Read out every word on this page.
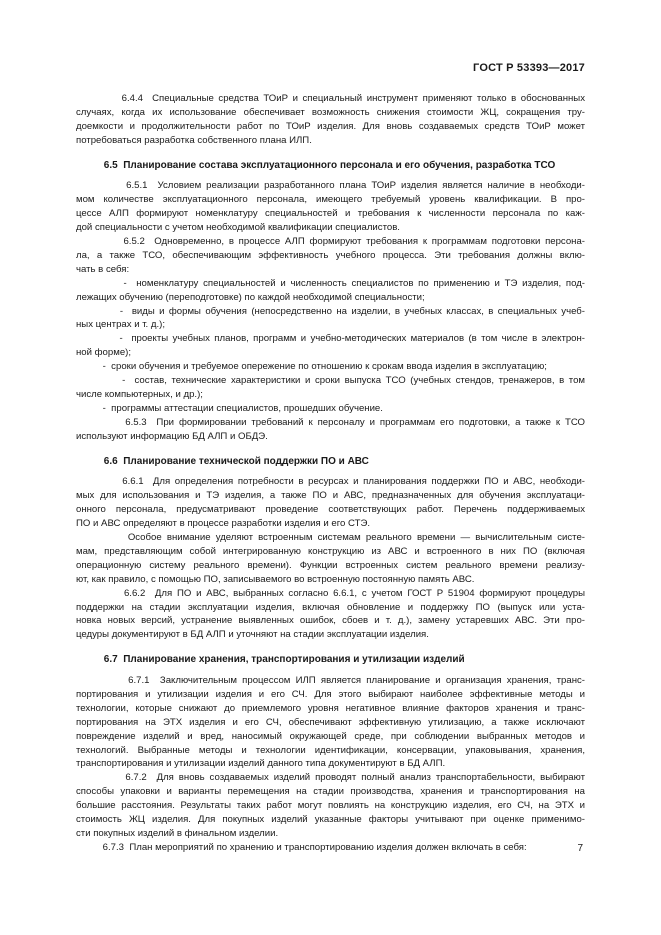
ГОСТ Р 53393—2017
6.4.4  Специальные средства ТОиР и специальный инструмент применяют только в обоснованных
случаях, когда их использование обеспечивает возможность снижения стоимости ЖЦ, сокращения тру-
доемкости и продолжительности работ по ТОиР изделия. Для вновь создаваемых средств ТОиР может
потребоваться разработка собственного плана ИЛП.
6.5  Планирование состава эксплуатационного персонала и его обучения, разработка ТСО
6.5.1  Условием реализации разработанного плана ТОиР изделия является наличие в необходи-
мом количестве эксплуатационного персонала, имеющего требуемый уровень квалификации. В про-
цессе АЛП формируют номенклатуру специальностей и требования к численности персонала по каж-
дой специальности с учетом необходимой квалификации специалистов.
6.5.2  Одновременно, в процессе АЛП формируют требования к программам подготовки персона-
ла, а также ТСО, обеспечивающим эффективность учебного процесса. Эти требования должны вклю-
чать в себя:
-  номенклатуру специальностей и численность специалистов по применению и ТЭ изделия, под-
лежащих обучению (переподготовке) по каждой необходимой специальности;
-  виды и формы обучения (непосредственно на изделии, в учебных классах, в специальных учеб-
ных центрах и т. д.);
-  проекты учебных планов, программ и учебно-методических материалов (в том числе в электрон-
ной форме);
-  сроки обучения и требуемое опережение по отношению к срокам ввода изделия в эксплуатацию;
-  состав, технические характеристики и сроки выпуска ТСО (учебных стендов, тренажеров, в том
числе компьютерных, и др.);
-  программы аттестации специалистов, прошедших обучение.
6.5.3  При формировании требований к персоналу и программам его подготовки, а также к ТСО
используют информацию БД АЛП и ОБДЭ.
6.6  Планирование технической поддержки ПО и АВС
6.6.1  Для определения потребности в ресурсах и планирования поддержки ПО и АВС, необходи-
мых для использования и ТЭ изделия, а также ПО и АВС, предназначенных для обучения эксплуатаци-
онного персонала, предусматривают проведение соответствующих работ. Перечень поддерживаемых
ПО и АВС определяют в процессе разработки изделия и его СТЭ.
Особое внимание уделяют встроенным системам реального времени — вычислительным систе-
мам, представляющим собой интегрированную конструкцию из АВС и встроенного в них ПО (включая
операционную систему реального времени). Функции встроенных систем реального времени реализу-
ют, как правило, с помощью ПО, записываемого во встроенную постоянную память АВС.
6.6.2  Для ПО и АВС, выбранных согласно 6.6.1, с учетом ГОСТ Р 51904 формируют процедуры
поддержки на стадии эксплуатации изделия, включая обновление и поддержку ПО (выпуск или уста-
новка новых версий, устранение выявленных ошибок, сбоев и т. д.), замену устаревших АВС. Эти про-
цедуры документируют в БД АЛП и уточняют на стадии эксплуатации изделия.
6.7  Планирование хранения, транспортирования и утилизации изделий
6.7.1  Заключительным процессом ИЛП является планирование и организация хранения, транс-
портирования и утилизации изделия и его СЧ. Для этого выбирают наиболее эффективные методы и
технологии, которые снижают до приемлемого уровня негативное влияние факторов хранения и транс-
портирования на ЭТХ изделия и его СЧ, обеспечивают эффективную утилизацию, а также исключают
повреждение изделий и вред, наносимый окружающей среде, при соблюдении выбранных методов и
технологий. Выбранные методы и технологии идентификации, консервации, упаковывания, хранения,
транспортирования и утилизации изделий данного типа документируют в БД АЛП.
6.7.2  Для вновь создаваемых изделий проводят полный анализ транспортабельности, выбирают
способы упаковки и варианты перемещения на стадии производства, хранения и транспортирования на
большие расстояния. Результаты таких работ могут повлиять на конструкцию изделия, его СЧ, на ЭТХ и
стоимость ЖЦ изделия. Для покупных изделий указанные факторы учитывают при оценке применимо-
сти покупных изделий в финальном изделии.
6.7.3  План мероприятий по хранению и транспортированию изделия должен включать в себя:	7
